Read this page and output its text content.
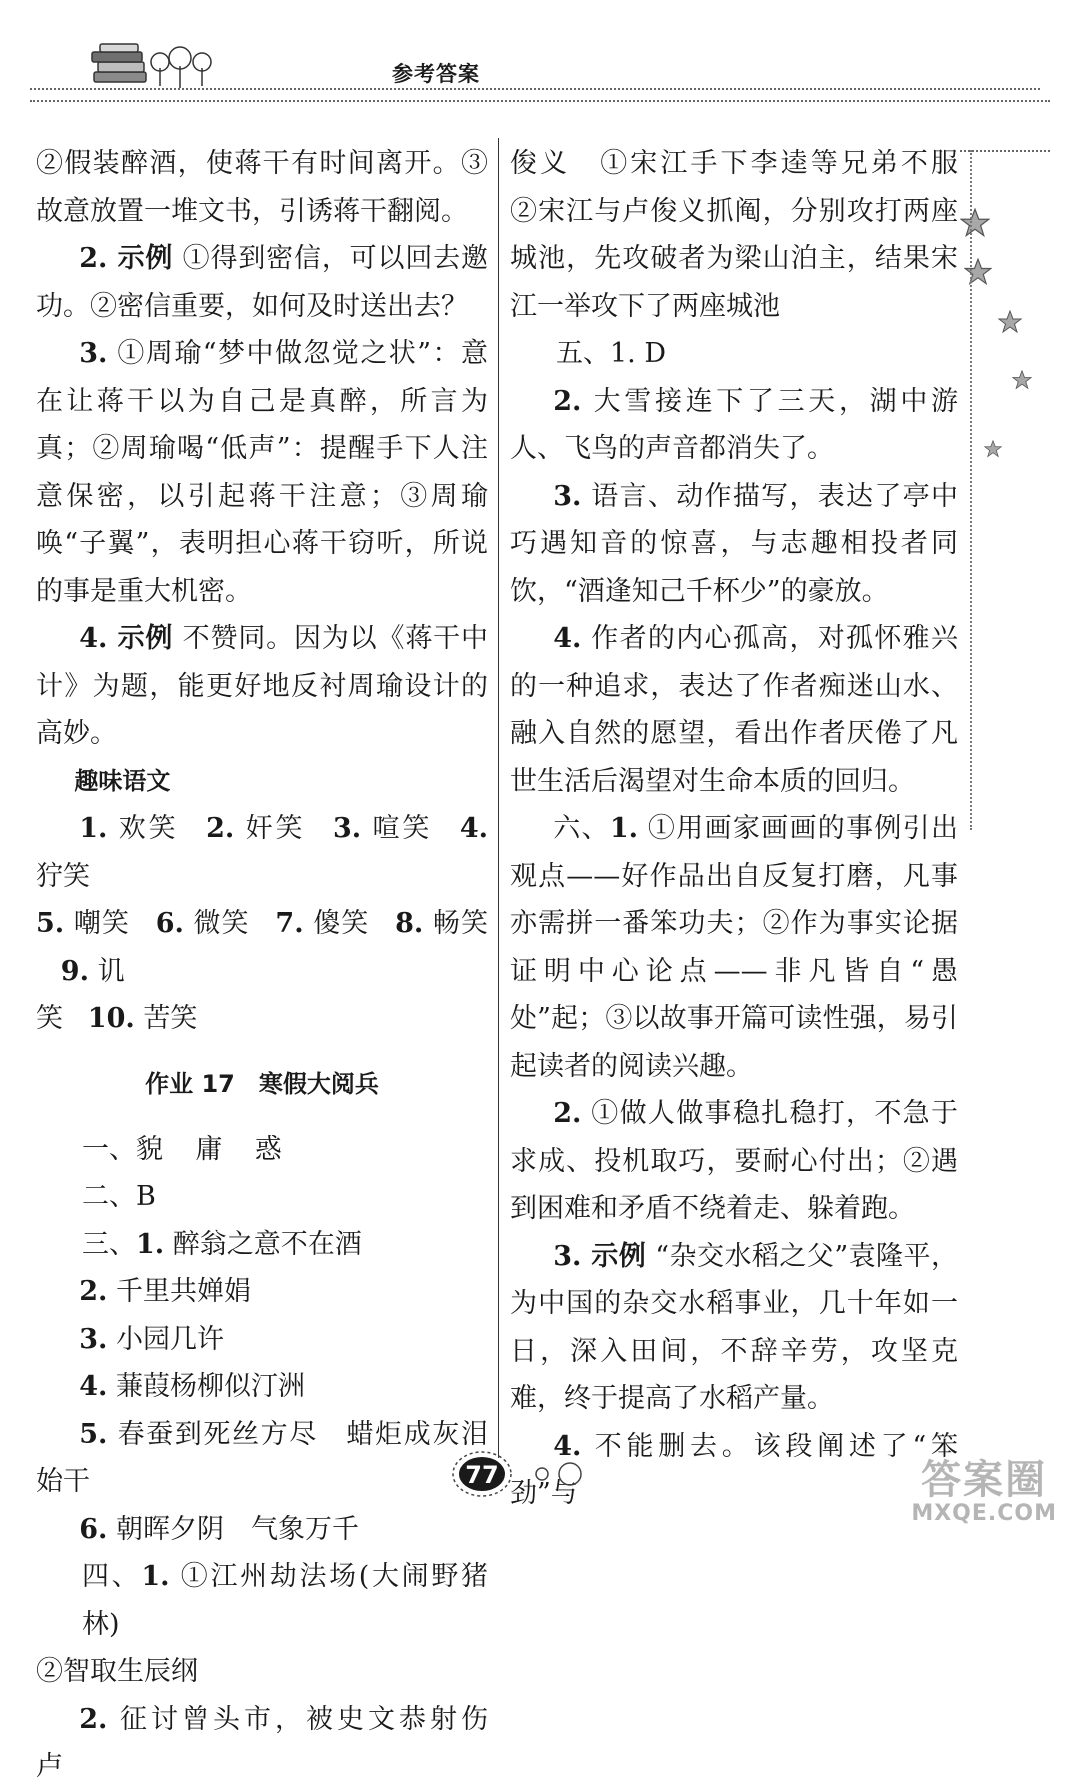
参考答案

②假装醉酒，使蒋干有时间离开。③故意放置一堆文书，引诱蒋干翻阅。

2. 示例 ①得到密信，可以回去邀功。②密信重要，如何及时送出去？

3. ①周瑜“梦中做忽觉之状”：意在让蒋干以为自己是真醉，所言为真；②周瑜喝“低声”：提醒手下人注意保密，以引起蒋干注意；③周瑜唤“子翼”，表明担心蒋干窃听，所说的事是重大机密。

4. 示例 不赞同。因为以《蒋干中计》为题，能更好地反衬周瑜设计的高妙。

趣味语文

1. 欢笑 2. 奸笑 3. 喧笑 4. 狞笑

5. 嘲笑 6. 微笑 7. 傻笑 8. 畅笑 9. 讥

笑 10. 苦笑

作业 17　寒假大阅兵

一、貌 庸 惑

二、B

三、1. 醉翁之意不在酒

2. 千里共婵娟

3. 小园几许

4. 蒹葭杨柳似汀洲

5. 春蚕到死丝方尽　蜡炬成灰泪始干

6. 朝晖夕阴　气象万千

四、1. ①江州劫法场(大闹野猪林)

②智取生辰纲

2. 征讨曾头市，被史文恭射伤　卢

俊义　①宋江手下李逵等兄弟不服　②宋江与卢俊义抓阄，分别攻打两座城池，先攻破者为梁山泊主，结果宋江一举攻下了两座城池

五、1. D

2. 大雪接连下了三天，湖中游人、飞鸟的声音都消失了。

3. 语言、动作描写，表达了亭中巧遇知音的惊喜，与志趣相投者同饮，“酒逢知己千杯少”的豪放。

4. 作者的内心孤高，对孤怀雅兴的一种追求，表达了作者痴迷山水、融入自然的愿望，看出作者厌倦了凡世生活后渴望对生命本质的回归。

六、1. ①用画家画画的事例引出观点——好作品出自反复打磨，凡事亦需拼一番笨功夫；②作为事实论据证明中心论点——非凡皆自“愚处”起；③以故事开篇可读性强，易引起读者的阅读兴趣。

2. ①做人做事稳扎稳打，不急于求成、投机取巧，要耐心付出；②遇到困难和矛盾不绕着走、躲着跑。

3. 示例 “杂交水稻之父”袁隆平，为中国的杂交水稻事业，几十年如一日，深入田间，不辞辛劳，攻坚克难，终于提高了水稻产量。

4. 不能删去。该段阐述了“笨劲”与

77	答案圈
MXQE.COM
